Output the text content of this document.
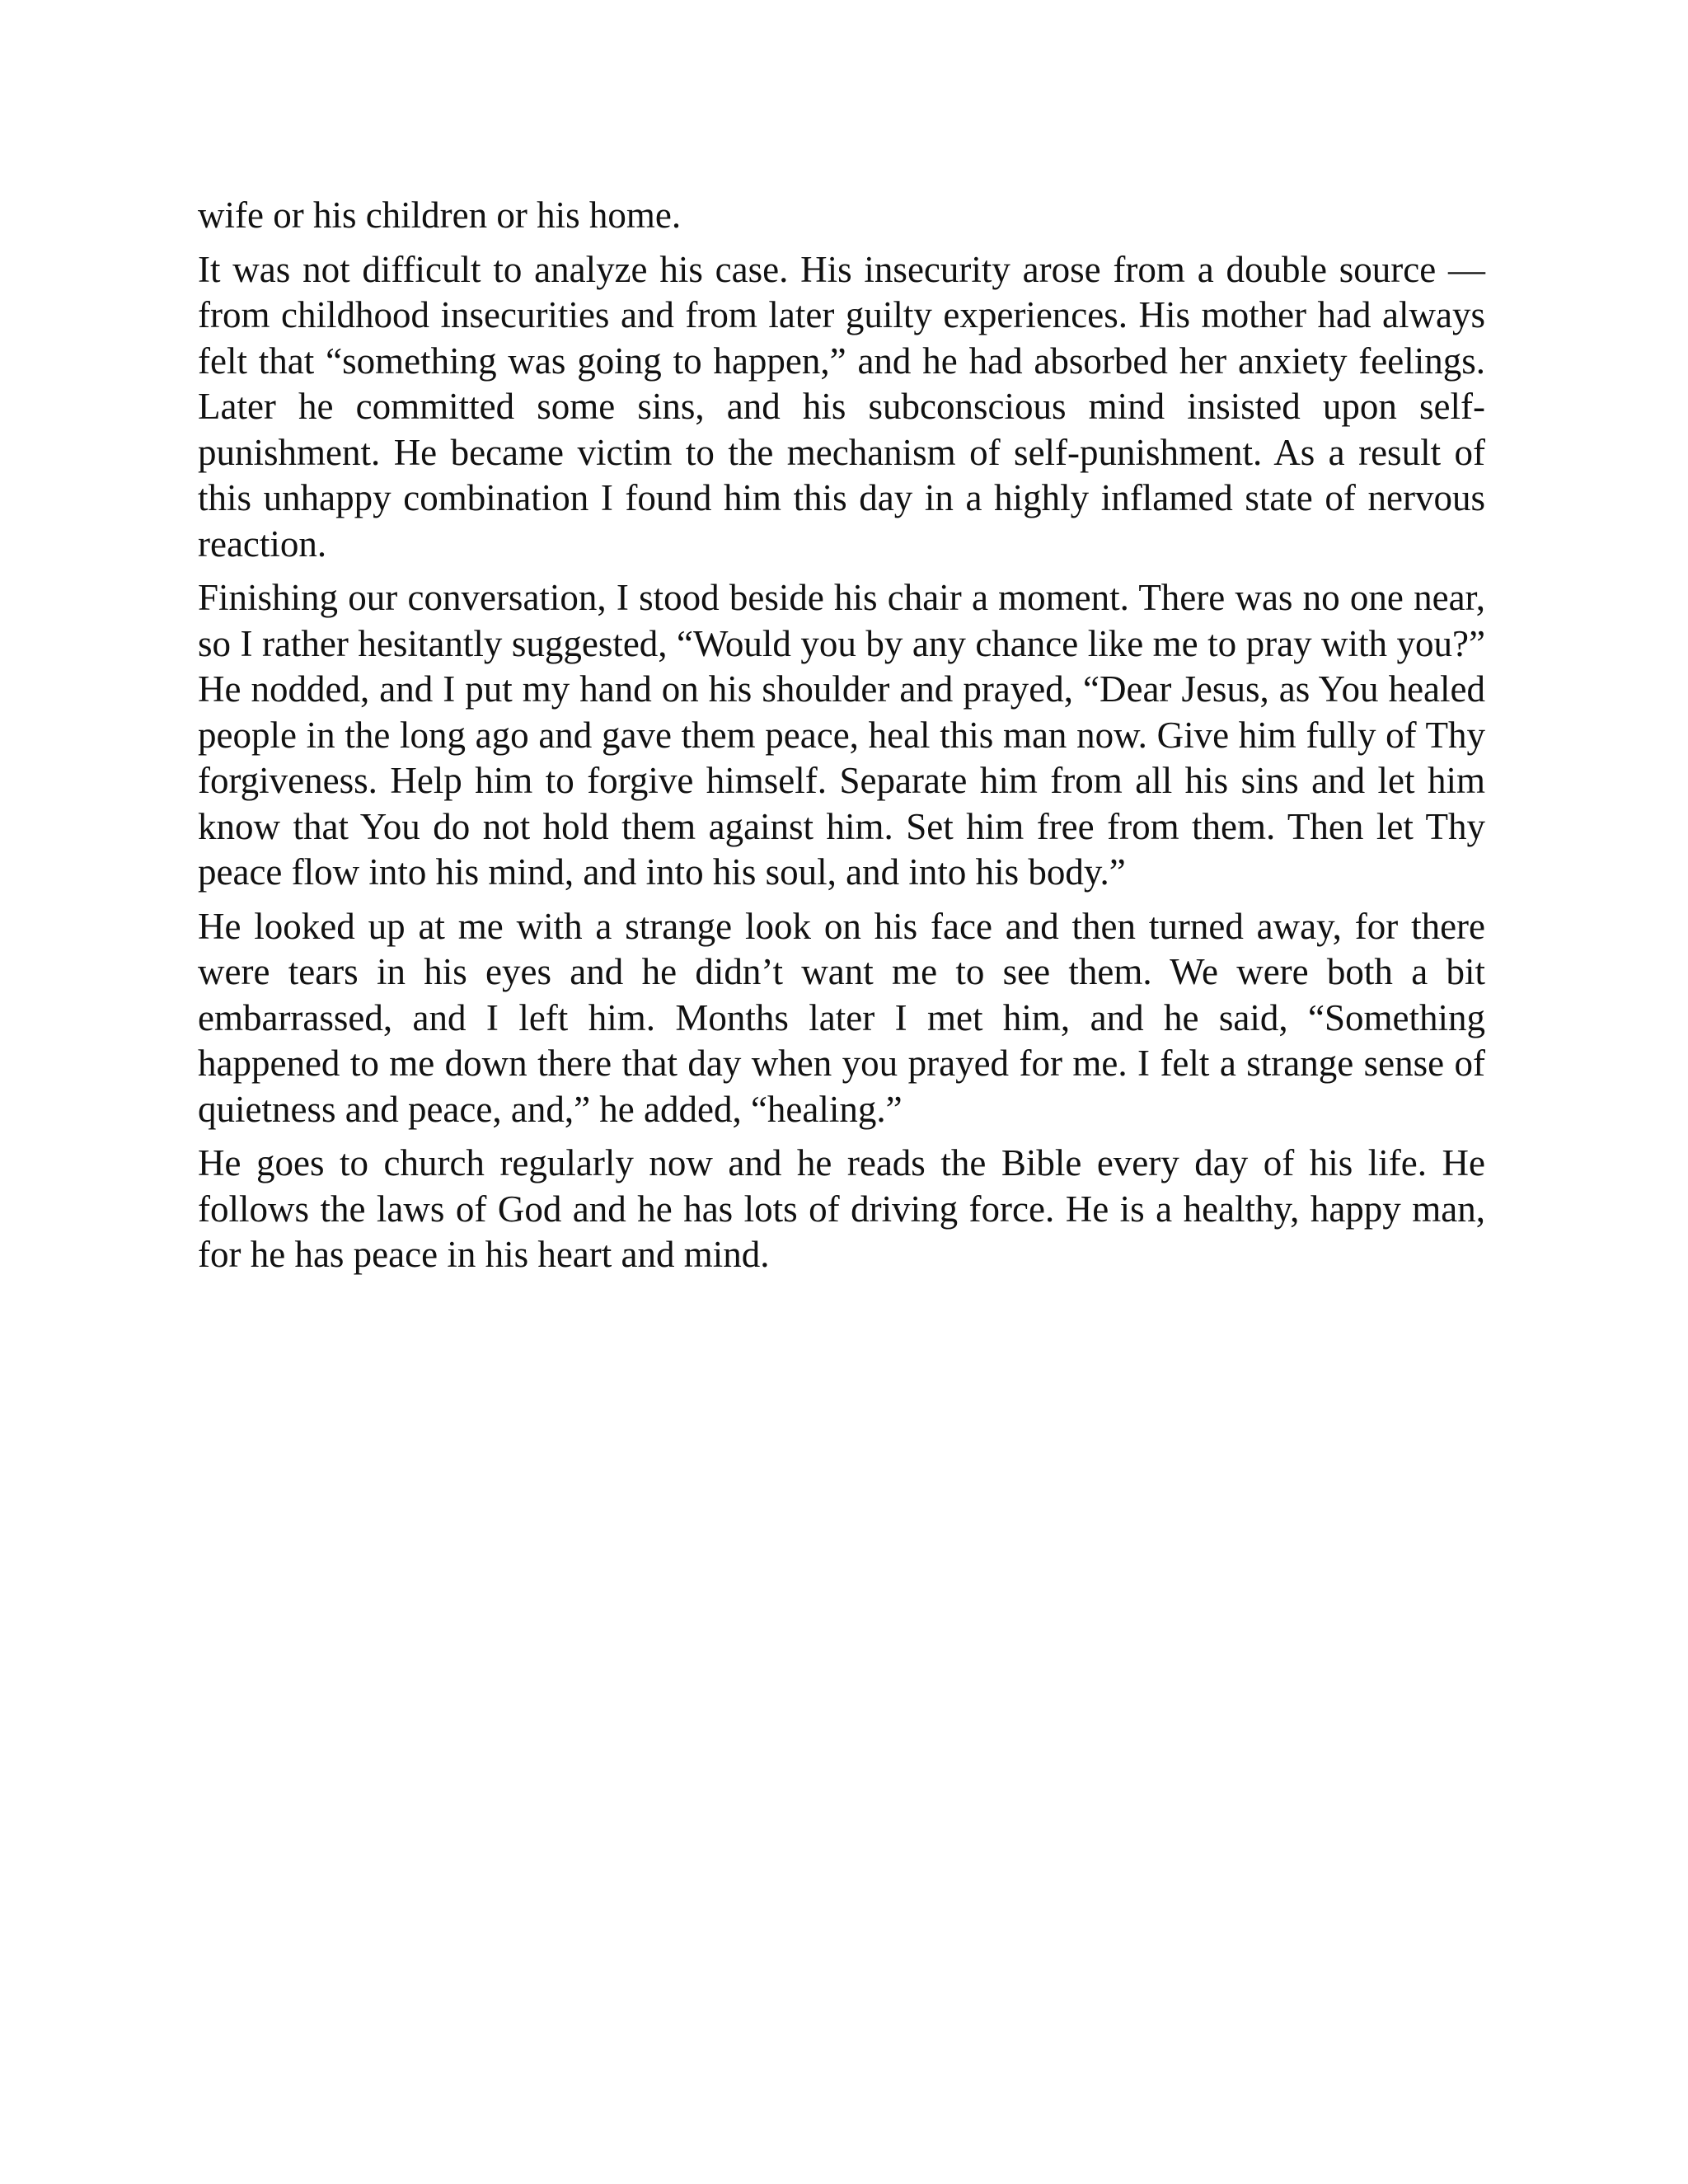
wife or his children or his home.

It was not difficult to analyze his case. His insecurity arose from a double source —from childhood insecurities and from later guilty experiences. His mother had always felt that “something was going to happen,” and he had absorbed her anxiety feelings. Later he committed some sins, and his subconscious mind insisted upon self-punishment. He became victim to the mechanism of self-punishment. As a result of this unhappy combination I found him this day in a highly inflamed state of nervous reaction.

Finishing our conversation, I stood beside his chair a moment. There was no one near, so I rather hesitantly suggested, “Would you by any chance like me to pray with you?” He nodded, and I put my hand on his shoulder and prayed, “Dear Jesus, as You healed people in the long ago and gave them peace, heal this man now. Give him fully of Thy forgiveness. Help him to forgive himself. Separate him from all his sins and let him know that You do not hold them against him. Set him free from them. Then let Thy peace flow into his mind, and into his soul, and into his body.”

He looked up at me with a strange look on his face and then turned away, for there were tears in his eyes and he didn’t want me to see them. We were both a bit embarrassed, and I left him. Months later I met him, and he said, “Something happened to me down there that day when you prayed for me. I felt a strange sense of quietness and peace, and,” he added, “healing.”

He goes to church regularly now and he reads the Bible every day of his life. He follows the laws of God and he has lots of driving force. He is a healthy, happy man, for he has peace in his heart and mind.
